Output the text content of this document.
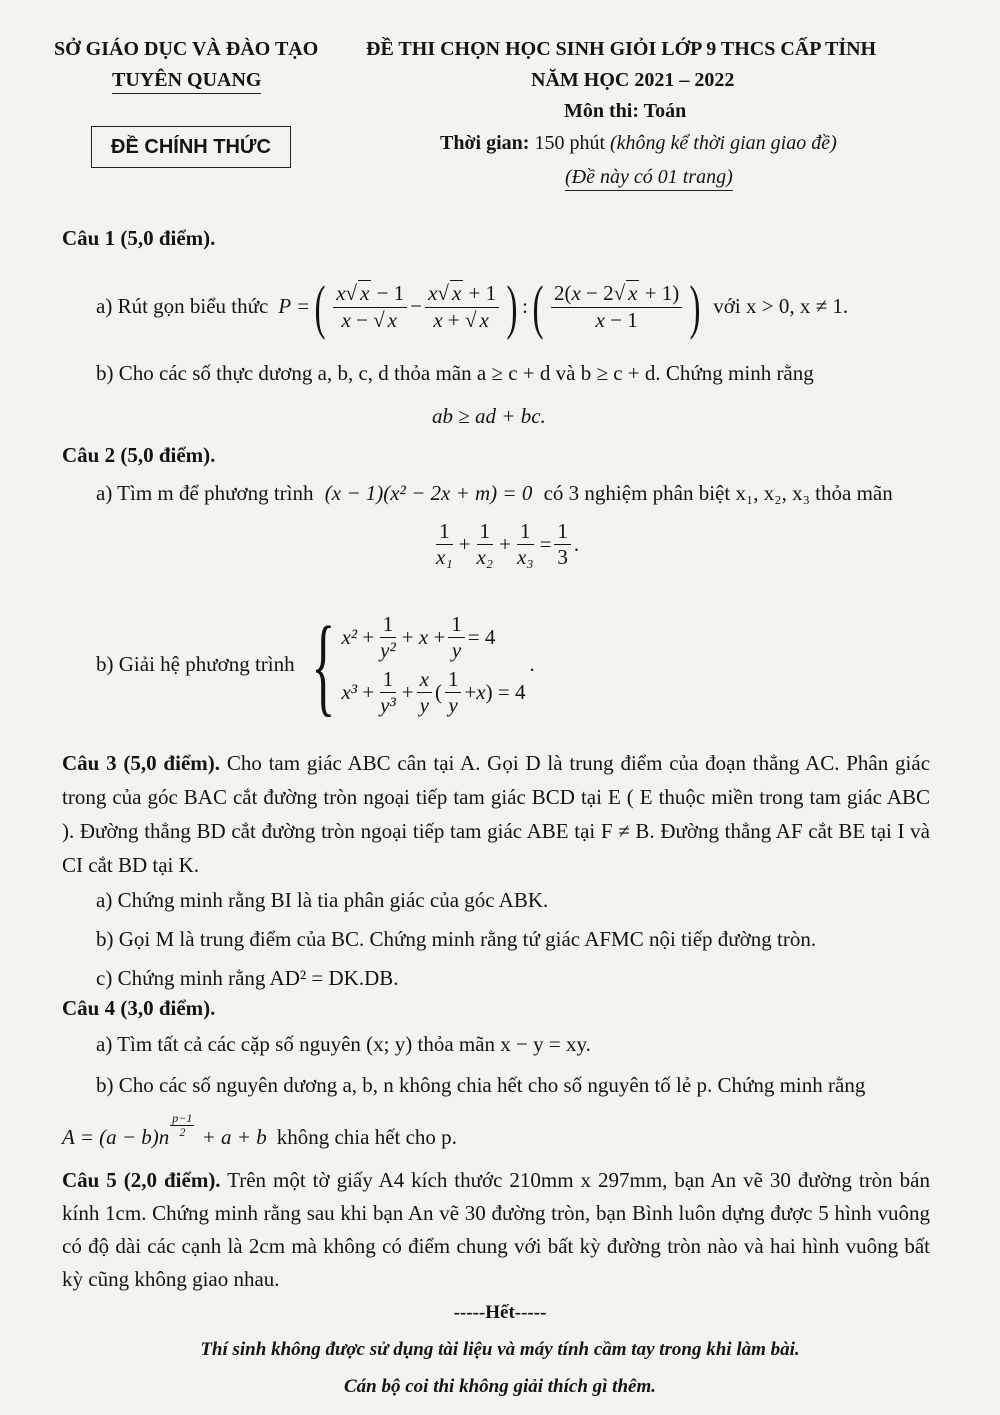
SỞ GIÁO DỤC VÀ ĐÀO TẠO
TUYÊN QUANG
ĐỀ CHÍNH THỨC
ĐỀ THI CHỌN HỌC SINH GIỎI LỚP 9 THCS CẤP TỈNH
NĂM HỌC 2021 – 2022
Môn thi: Toán
Thời gian: 150 phút (không kể thời gian giao đề)
(Đề này có 01 trang)
Câu 1 (5,0 điểm).
a) Rút gọn biểu thức P = ( $\frac{x√ x - 1}{x - √ x} - \frac{x√ x + 1}{x + √ x}$ ) : ( $\frac{2(x - 2√ x + 1)}{x - 1}$ ) với x > 0, x ≠ 1.
b) Cho các số thực dương a, b, c, d thỏa mãn a ≥ c + d và b ≥ c + d. Chứng minh rằng
ab ≥ ad + bc.
Câu 2 (5,0 điểm).
a) Tìm m để phương trình (x − 1)(x² − 2x + m) = 0 có 3 nghiệm phân biệt x₁, x₂, x₃ thỏa mãn
$\frac{1}{\text{x₁}} + \frac{1}{\text{x₂}} + \frac{1}{\text{x₃}} = \frac{1}{3}$ .
b) Giải hệ phương trình { $x^2 + \frac{1}{\text{y²}} + x + \frac{1}{y} = 4$
$x^3 + \frac{1}{\text{y³}} + \frac{x}{y}$ ( $\frac{1}{y} + x$ ) = 4
.
Câu 3 (5,0 điểm). Cho tam giác ABC cân tại A. Gọi D là trung điểm của đoạn thẳng AC. Phân giác trong của góc BAC cắt đường tròn ngoại tiếp tam giác BCD tại E ( E thuộc miền trong tam giác ABC ). Đường thẳng BD cắt đường tròn ngoại tiếp tam giác ABE tại F ≠ B. Đường thẳng AF cắt BE tại I và CI cắt BD tại K.
a) Chứng minh rằng BI là tia phân giác của góc ABK.
b) Gọi M là trung điểm của BC. Chứng minh rằng tứ giác AFMC nội tiếp đường tròn.
c) Chứng minh rằng AD² = DK.DB.
Câu 4 (3,0 điểm).
a) Tìm tất cả các cặp số nguyên (x; y) thỏa mãn x − y = xy.
b) Cho các số nguyên dương a, b, n không chia hết cho số nguyên tố lẻ p. Chứng minh rằng
A = (a − b)n
p−1
2 + a + b không chia hết cho p.
Câu 5 (2,0 điểm). Trên một tờ giấy A4 kích thước 210mm x 297mm, bạn An vẽ 30 đường tròn bán kính 1cm. Chứng minh rằng sau khi bạn An vẽ 30 đường tròn, bạn Bình luôn dựng được 5 hình vuông có độ dài các cạnh là 2cm mà không có điểm chung với bất kỳ đường tròn nào và hai hình vuông bất kỳ cũng không giao nhau.
-----Hết-----
Thí sinh không được sử dụng tài liệu và máy tính cầm tay trong khi làm bài.
Cán bộ coi thi không giải thích gì thêm.
